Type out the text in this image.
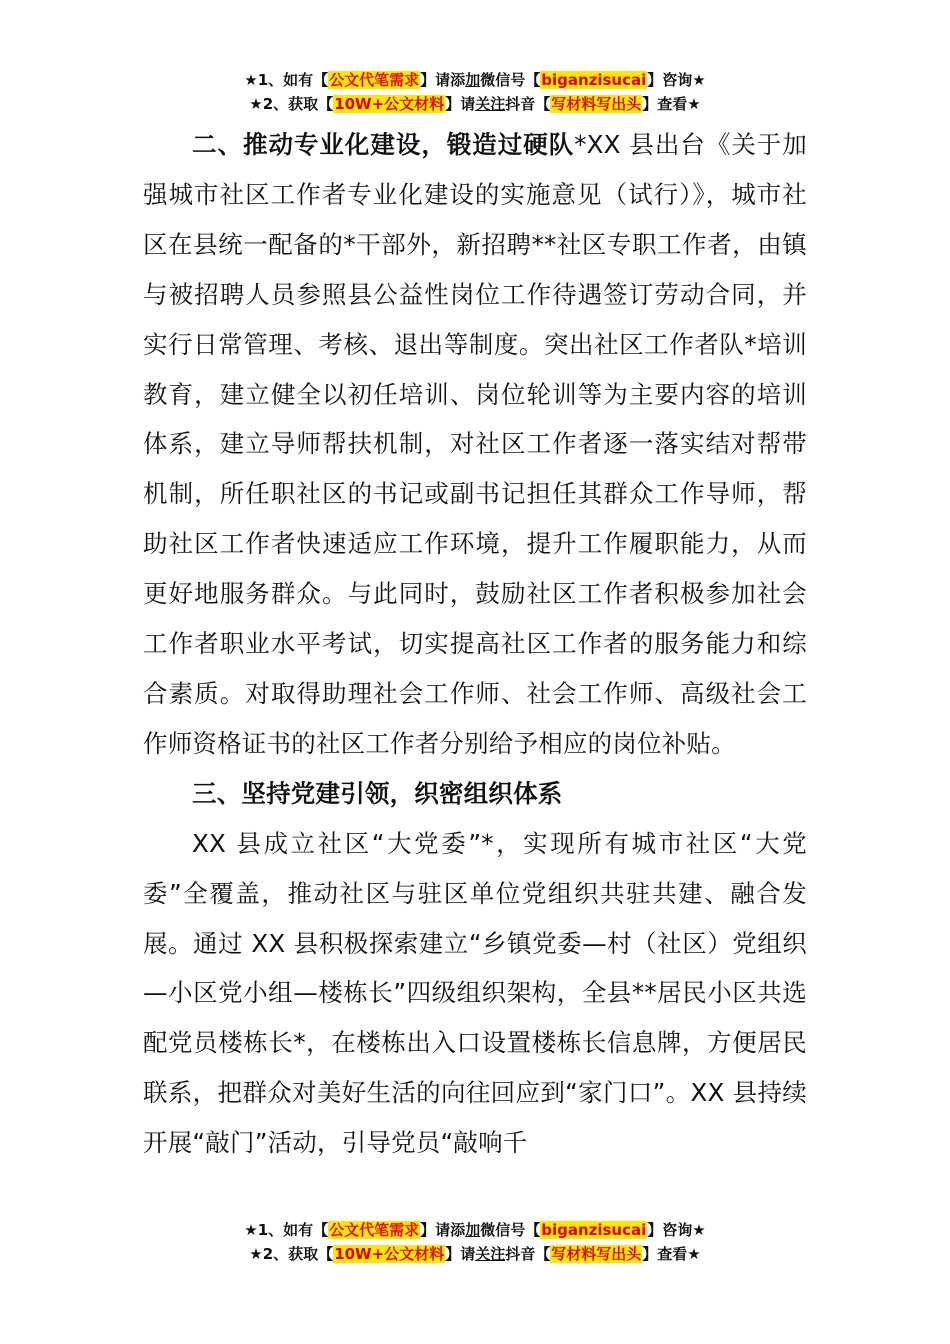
★1、如有【公文代笔需求】请添加微信号【biganzisucai】咨询★
★2、获取【10W+公文材料】请关注抖音【写材料写出头】查看★

二、推动专业化建设，锻造过硬队*XX 县出台《关于加强城市社区工作者专业化建设的实施意见（试行）》，城市社区在县统一配备的*干部外，新招聘**社区专职工作者，由镇与被招聘人员参照县公益性岗位工作待遇签订劳动合同，并实行日常管理、考核、退出等制度。突出社区工作者队*培训教育，建立健全以初任培训、岗位轮训等为主要内容的培训体系，建立导师帮扶机制，对社区工作者逐一落实结对帮带机制，所任职社区的书记或副书记担任其群众工作导师，帮助社区工作者快速适应工作环境，提升工作履职能力，从而更好地服务群众。与此同时，鼓励社区工作者积极参加社会工作者职业水平考试，切实提高社区工作者的服务能力和综合素质。对取得助理社会工作师、社会工作师、高级社会工作师资格证书的社区工作者分别给予相应的岗位补贴。

三、坚持党建引领，织密组织体系

XX 县成立社区“大党委”*，实现所有城市社区“大党委”全覆盖，推动社区与驻区单位党组织共驻共建、融合发展。通过 XX 县积极探索建立“乡镇党委—村（社区）党组织—小区党小组—楼栋长”四级组织架构，全县**居民小区共选配党员楼栋长*，在楼栋出入口设置楼栋长信息牌，方便居民联系，把群众对美好生活的向往回应到“家门口”。XX 县持续开展“敲门”活动，引导党员“敲响千

★1、如有【公文代笔需求】请添加微信号【biganzisucai】咨询★
★2、获取【10W+公文材料】请关注抖音【写材料写出头】查看★
